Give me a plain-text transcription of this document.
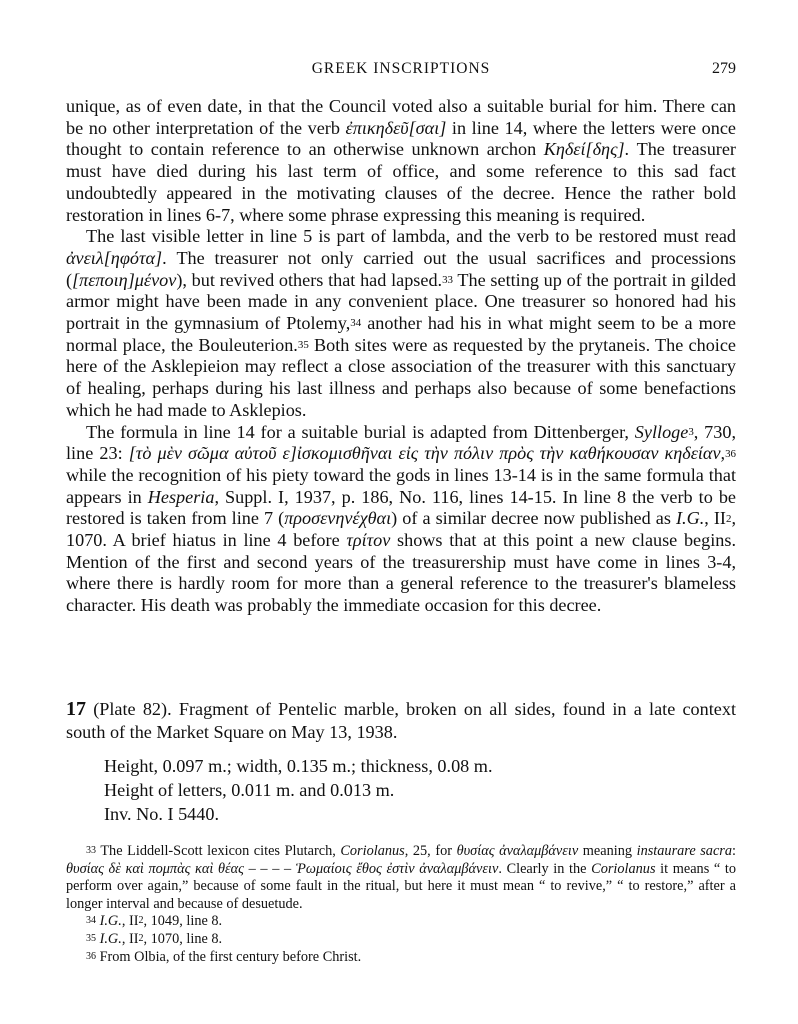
GREEK INSCRIPTIONS	279

unique, as of even date, in that the Council voted also a suitable burial for him. There can be no other interpretation of the verb ἐπικηδεῦ[σαι] in line 14, where the letters were once thought to contain reference to an otherwise unknown archon Κηδεί[δης]. The treasurer must have died during his last term of office, and some reference to this sad fact undoubtedly appeared in the motivating clauses of the decree. Hence the rather bold restoration in lines 6-7, where some phrase expressing this meaning is required.

The last visible letter in line 5 is part of lambda, and the verb to be restored must read ἀνειλ[ηφότα]. The treasurer not only carried out the usual sacrifices and processions ([πεποιη]μένον), but revived others that had lapsed.$^{33}$ The setting up of the portrait in gilded armor might have been made in any convenient place. One treasurer so honored had his portrait in the gymnasium of Ptolemy,$^{34}$ another had his in what might seem to be a more normal place, the Bouleuterion.$^{35}$ Both sites were as requested by the prytaneis. The choice here of the Asklepieion may reflect a close association of the treasurer with this sanctuary of healing, perhaps during his last illness and perhaps also because of some benefactions which he had made to Asklepios.

The formula in line 14 for a suitable burial is adapted from Dittenberger, Sylloge$^3$, 730, line 23: [τὸ μὲν σῶμα αὐτοῦ ε]ἰσκομισθῆναι εἰς τὴν πόλιν πρὸς τὴν καθήκουσαν κηδείαν,$^{36}$ while the recognition of his piety toward the gods in lines 13-14 is in the same formula that appears in Hesperia, Suppl. I, 1937, p. 186, No. 116, lines 14-15. In line 8 the verb to be restored is taken from line 7 (προσενηνέχθαι) of a similar decree now published as I.G., $II^2$, 1070. A brief hiatus in line 4 before τρίτον shows that at this point a new clause begins. Mention of the first and second years of the treasurership must have come in lines 3-4, where there is hardly room for more than a general reference to the treasurer's blameless character. His death was probably the immediate occasion for this decree.

17 (Plate 82). Fragment of Pentelic marble, broken on all sides, found in a late context south of the Market Square on May 13, 1938.
Height, 0.097 m.; width, 0.135 m.; thickness, 0.08 m.
Height of letters, 0.011 m. and 0.013 m.
Inv. No. I 5440.

$^{33}$ The Liddell-Scott lexicon cites Plutarch, Coriolanus, 25, for θυσίας ἀναλαμβάνειν meaning instaurare sacra: θυσίας δὲ καὶ πομπὰς καὶ θέας – – – – Ῥωμαίοις ἔθος ἐστὶν ἀναλαμβάνειν. Clearly in the Coriolanus it means “ to perform over again,” because of some fault in the ritual, but here it must mean “ to revive,” “ to restore,” after a longer interval and because of desuetude.

$^{34}$ I.G., $II^2$, 1049, line 8.

$^{35}$ I.G., $II^2$, 1070, line 8.

$^{36}$ From Olbia, of the first century before Christ.
